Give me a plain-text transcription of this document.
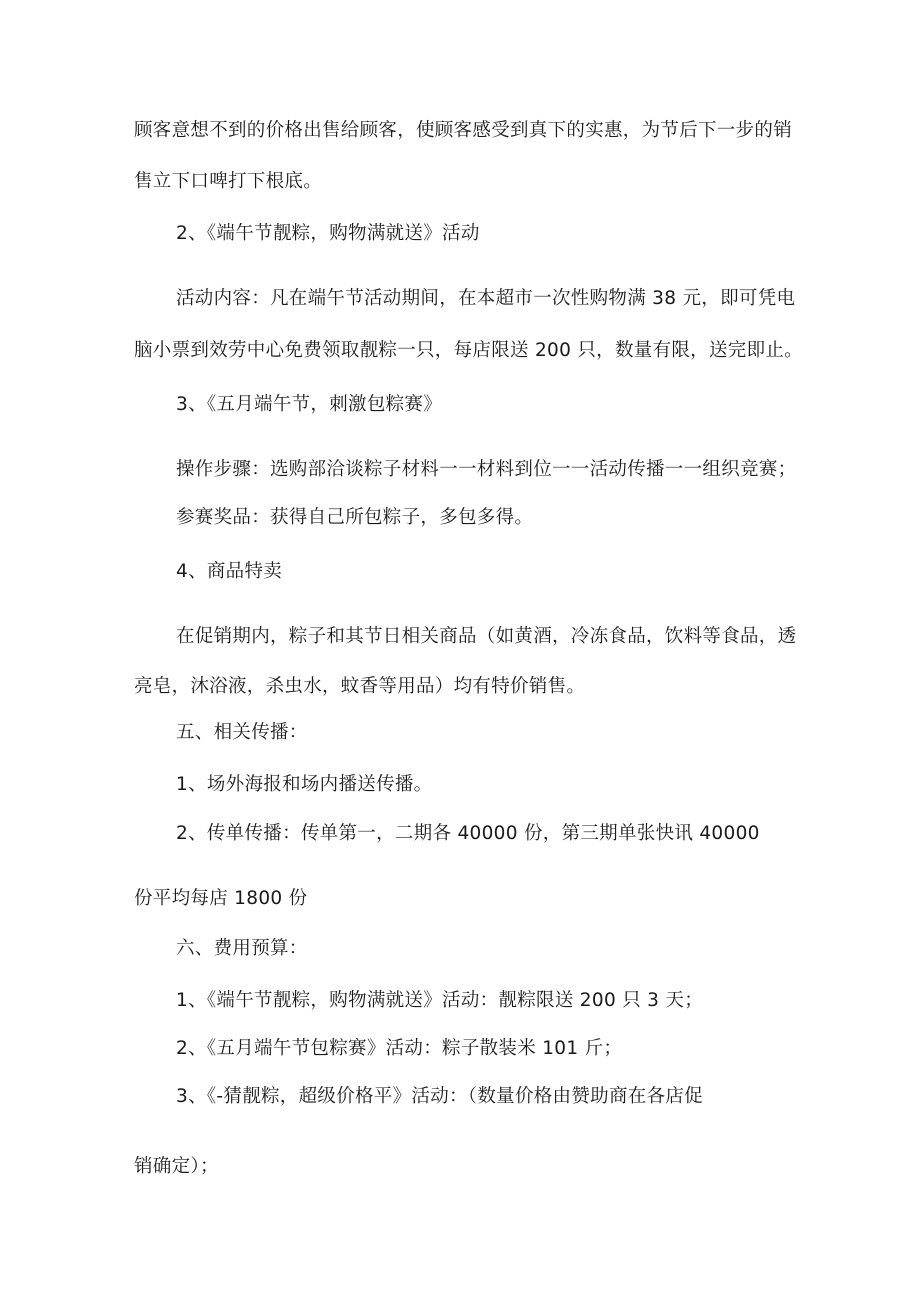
顾客意想不到的价格出售给顾客，使顾客感受到真下的实惠，为节后下一步的销
售立下口啤打下根底。
2、《端午节靓粽，购物满就送》活动
活动内容：凡在端午节活动期间，在本超市一次性购物满 38 元，即可凭电
脑小票到效劳中心免费领取靓粽一只，每店限送 200 只，数量有限，送完即止。
3、《五月端午节，刺激包粽赛》
操作步骤：选购部洽谈粽子材料一一材料到位一一活动传播一一组织竞赛；
参赛奖品：获得自己所包粽子，多包多得。
4、商品特卖
在促销期内，粽子和其节日相关商品（如黄酒，冷冻食品，饮料等食品，透
亮皂，沐浴液，杀虫水，蚊香等用品）均有特价销售。
五、相关传播：
1、场外海报和场内播送传播。
2、传单传播：传单第一，二期各 40000 份，第三期单张快讯 40000
份平均每店 1800 份
六、费用预算：
1、《端午节靓粽，购物满就送》活动：靓粽限送 200 只 3 天；
2、《五月端午节包粽赛》活动：粽子散装米 101 斤；
3、《-猜靓粽，超级价格平》活动：（数量价格由赞助商在各店促
销确定）；
